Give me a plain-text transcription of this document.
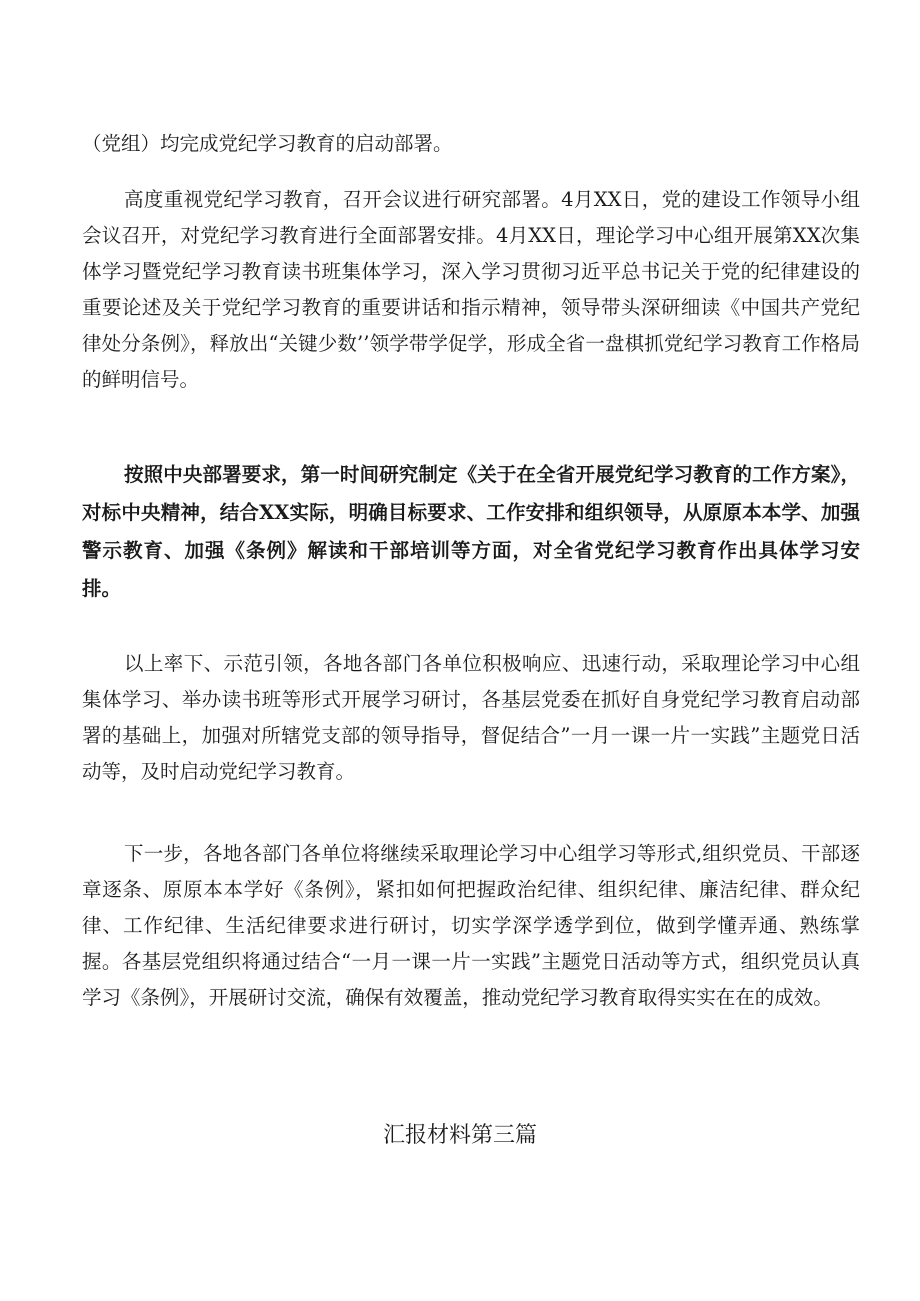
（党组）均完成党纪学习教育的启动部署。

高度重视党纪学习教育，召开会议进行研究部署。4月XX日，党的建设工作领导小组会议召开，对党纪学习教育进行全面部署安排。4月XX日，理论学习中心组开展第XX次集体学习暨党纪学习教育读书班集体学习，深入学习贯彻习近平总书记关于党的纪律建设的重要论述及关于党纪学习教育的重要讲话和指示精神，领导带头深研细读《中国共产党纪律处分条例》，释放出“关键少数’’领学带学促学，形成全省一盘棋抓党纪学习教育工作格局的鲜明信号。

按照中央部署要求，第一时间研究制定《关于在全省开展党纪学习教育的工作方案》，对标中央精神，结合XX实际，明确目标要求、工作安排和组织领导，从原原本本学、加强警示教育、加强《条例》解读和干部培训等方面，对全省党纪学习教育作出具体学习安排。

以上率下、示范引领，各地各部门各单位积极响应、迅速行动，采取理论学习中心组集体学习、举办读书班等形式开展学习研讨，各基层党委在抓好自身党纪学习教育启动部署的基础上，加强对所辖党支部的领导指导，督促结合”一月一课一片一实践”主题党日活动等，及时启动党纪学习教育。

下一步，各地各部门各单位将继续采取理论学习中心组学习等形式,组织党员、干部逐章逐条、原原本本学好《条例》，紧扣如何把握政治纪律、组织纪律、廉洁纪律、群众纪律、工作纪律、生活纪律要求进行研讨，切实学深学透学到位，做到学懂弄通、熟练掌握。各基层党组织将通过结合“一月一课一片一实践”主题党日活动等方式，组织党员认真学习《条例》，开展研讨交流，确保有效覆盖，推动党纪学习教育取得实实在在的成效。

汇报材料第三篇
